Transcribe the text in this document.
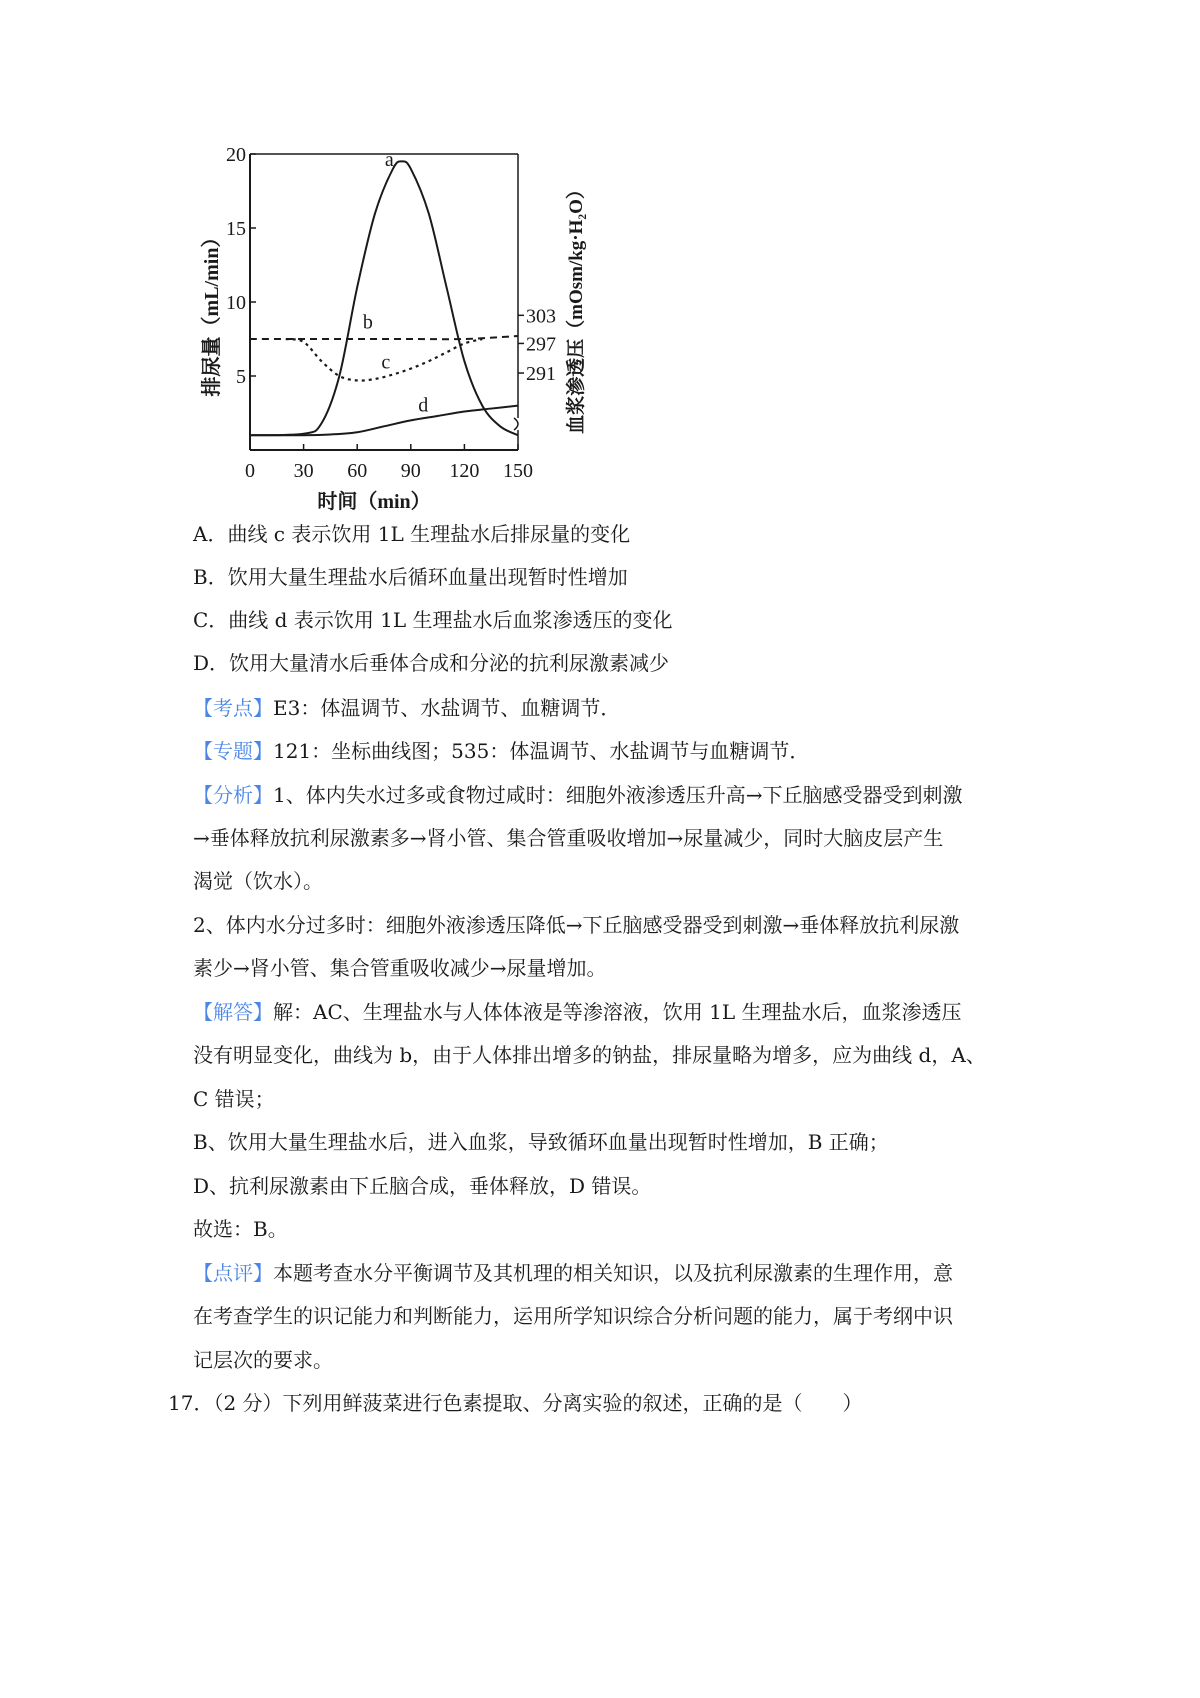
0 30 60 90 120 150
20
15
10
5
303
297
291
a
b
c
d
时间（min）
排尿量（mL/min）	血浆渗透压（mOsm/kg·H₂O）
A．曲线 c 表示饮用 1L 生理盐水后排尿量的变化
B．饮用大量生理盐水后循环血量出现暂时性增加
C．曲线 d 表示饮用 1L 生理盐水后血浆渗透压的变化
D．饮用大量清水后垂体合成和分泌的抗利尿激素减少
【考点】E3：体温调节、水盐调节、血糖调节．
【专题】121：坐标曲线图；535：体温调节、水盐调节与血糖调节．
【分析】1、体内失水过多或食物过咸时：细胞外液渗透压升高→下丘脑感受器受到刺激
→垂体释放抗利尿激素多→肾小管、集合管重吸收增加→尿量减少，同时大脑皮层产生
渴觉（饮水）。
2、体内水分过多时：细胞外液渗透压降低→下丘脑感受器受到刺激→垂体释放抗利尿激
素少→肾小管、集合管重吸收减少→尿量增加。
【解答】解：AC、生理盐水与人体体液是等渗溶液，饮用 1L 生理盐水后，血浆渗透压
没有明显变化，曲线为 b，由于人体排出增多的钠盐，排尿量略为增多，应为曲线 d，A、
C 错误；
B、饮用大量生理盐水后，进入血浆，导致循环血量出现暂时性增加，B 正确；
D、抗利尿激素由下丘脑合成，垂体释放，D 错误。
故选：B。
【点评】本题考查水分平衡调节及其机理的相关知识，以及抗利尿激素的生理作用，意
在考查学生的识记能力和判断能力，运用所学知识综合分析问题的能力，属于考纲中识
记层次的要求。
17．（2 分）下列用鲜菠菜进行色素提取、分离实验的叙述，正确的是（　　）
